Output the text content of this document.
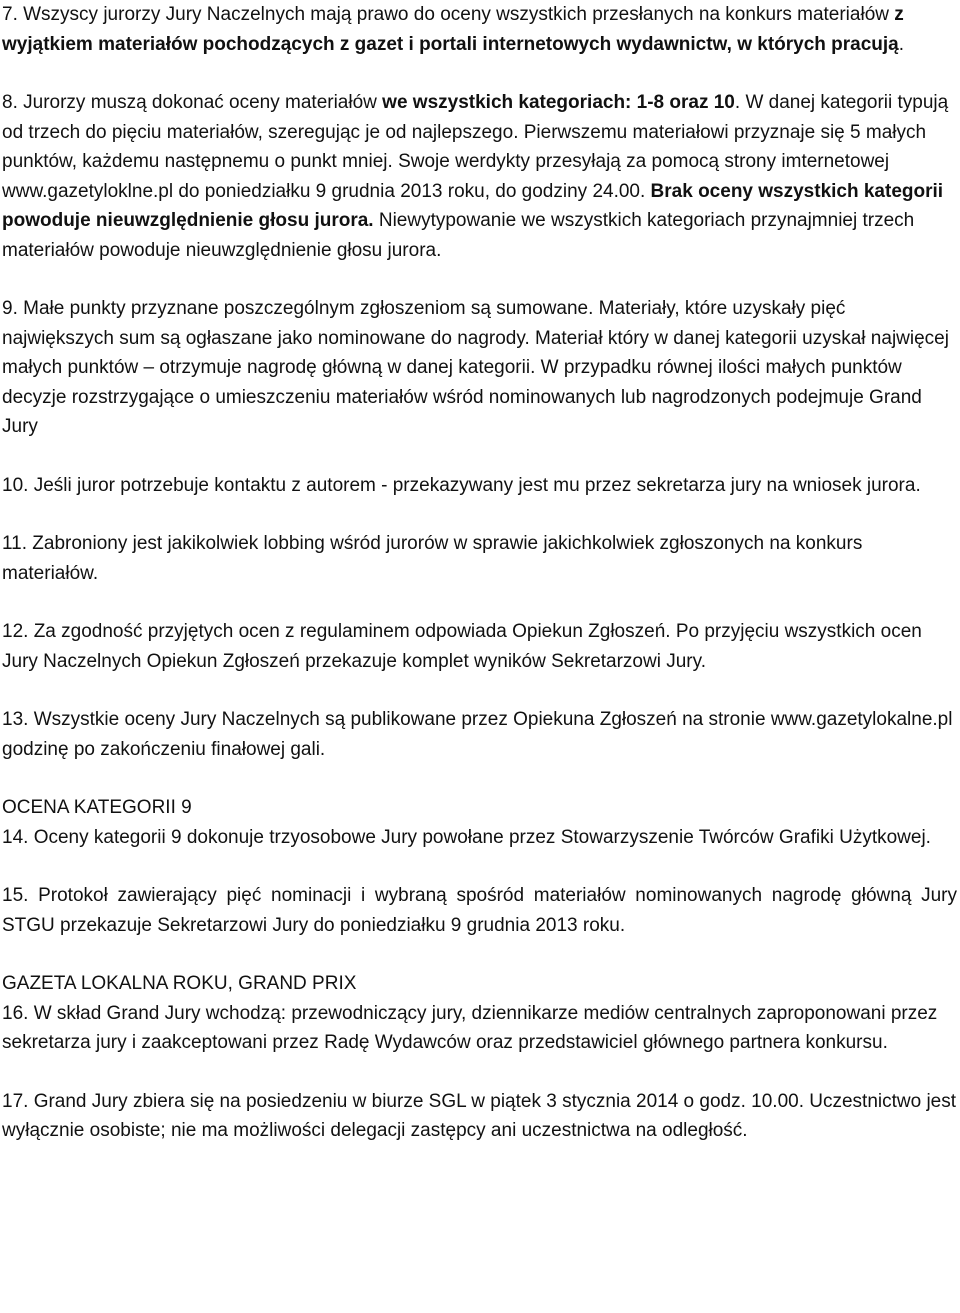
7. Wszyscy jurorzy Jury Naczelnych mają prawo do oceny wszystkich przesłanych na konkurs materiałów z wyjątkiem materiałów pochodzących z gazet i portali internetowych wydawnictw, w których pracują.

8. Jurorzy muszą dokonać oceny materiałów we wszystkich kategoriach: 1-8 oraz 10. W danej kategorii typują od trzech do pięciu materiałów, szeregując je od najlepszego. Pierwszemu materiałowi przyznaje się 5 małych punktów, każdemu następnemu o punkt mniej. Swoje werdykty przesyłają za pomocą strony imternetowej www.gazetyloklne.pl do poniedziałku 9 grudnia 2013 roku, do godziny 24.00. Brak oceny wszystkich kategorii powoduje nieuwzględnienie głosu jurora. Niewytypowanie we wszystkich kategoriach przynajmniej trzech materiałów powoduje nieuwzględnienie głosu jurora.

9. Małe punkty przyznane poszczególnym zgłoszeniom są sumowane. Materiały, które uzyskały pięć największych sum są ogłaszane jako nominowane do nagrody. Materiał który w danej kategorii uzyskał najwięcej małych punktów – otrzymuje nagrodę główną w danej kategorii. W przypadku równej ilości małych punktów decyzje rozstrzygające o umieszczeniu materiałów wśród nominowanych lub nagrodzonych podejmuje Grand Jury

10. Jeśli juror potrzebuje kontaktu z autorem - przekazywany jest mu przez sekretarza jury na wniosek jurora.

11. Zabroniony jest jakikolwiek lobbing wśród jurorów w sprawie jakichkolwiek zgłoszonych na konkurs materiałów.

12. Za zgodność przyjętych ocen z regulaminem odpowiada Opiekun Zgłoszeń. Po przyjęciu wszystkich ocen Jury Naczelnych Opiekun Zgłoszeń przekazuje komplet wyników Sekretarzowi Jury.

13. Wszystkie oceny Jury Naczelnych są publikowane przez Opiekuna Zgłoszeń na stronie www.gazetylokalne.pl godzinę po zakończeniu finałowej gali.

OCENA KATEGORII 9

14. Oceny kategorii 9 dokonuje trzyosobowe Jury powołane przez Stowarzyszenie Twórców Grafiki Użytkowej.

15. Protokoł zawierający pięć nominacji i wybraną spośród materiałów nominowanych nagrodę główną Jury STGU przekazuje Sekretarzowi Jury do poniedziałku 9 grudnia 2013 roku.

GAZETA LOKALNA ROKU, GRAND PRIX

16. W skład Grand Jury wchodzą: przewodniczący jury, dziennikarze mediów centralnych zaproponowani przez sekretarza jury i zaakceptowani przez Radę Wydawców oraz przedstawiciel głównego partnera konkursu.

17. Grand Jury zbiera się na posiedzeniu w biurze SGL w piątek 3 stycznia 2014 o godz. 10.00. Uczestnictwo jest wyłącznie osobiste; nie ma możliwości delegacji zastępcy ani uczestnictwa na odległość.
